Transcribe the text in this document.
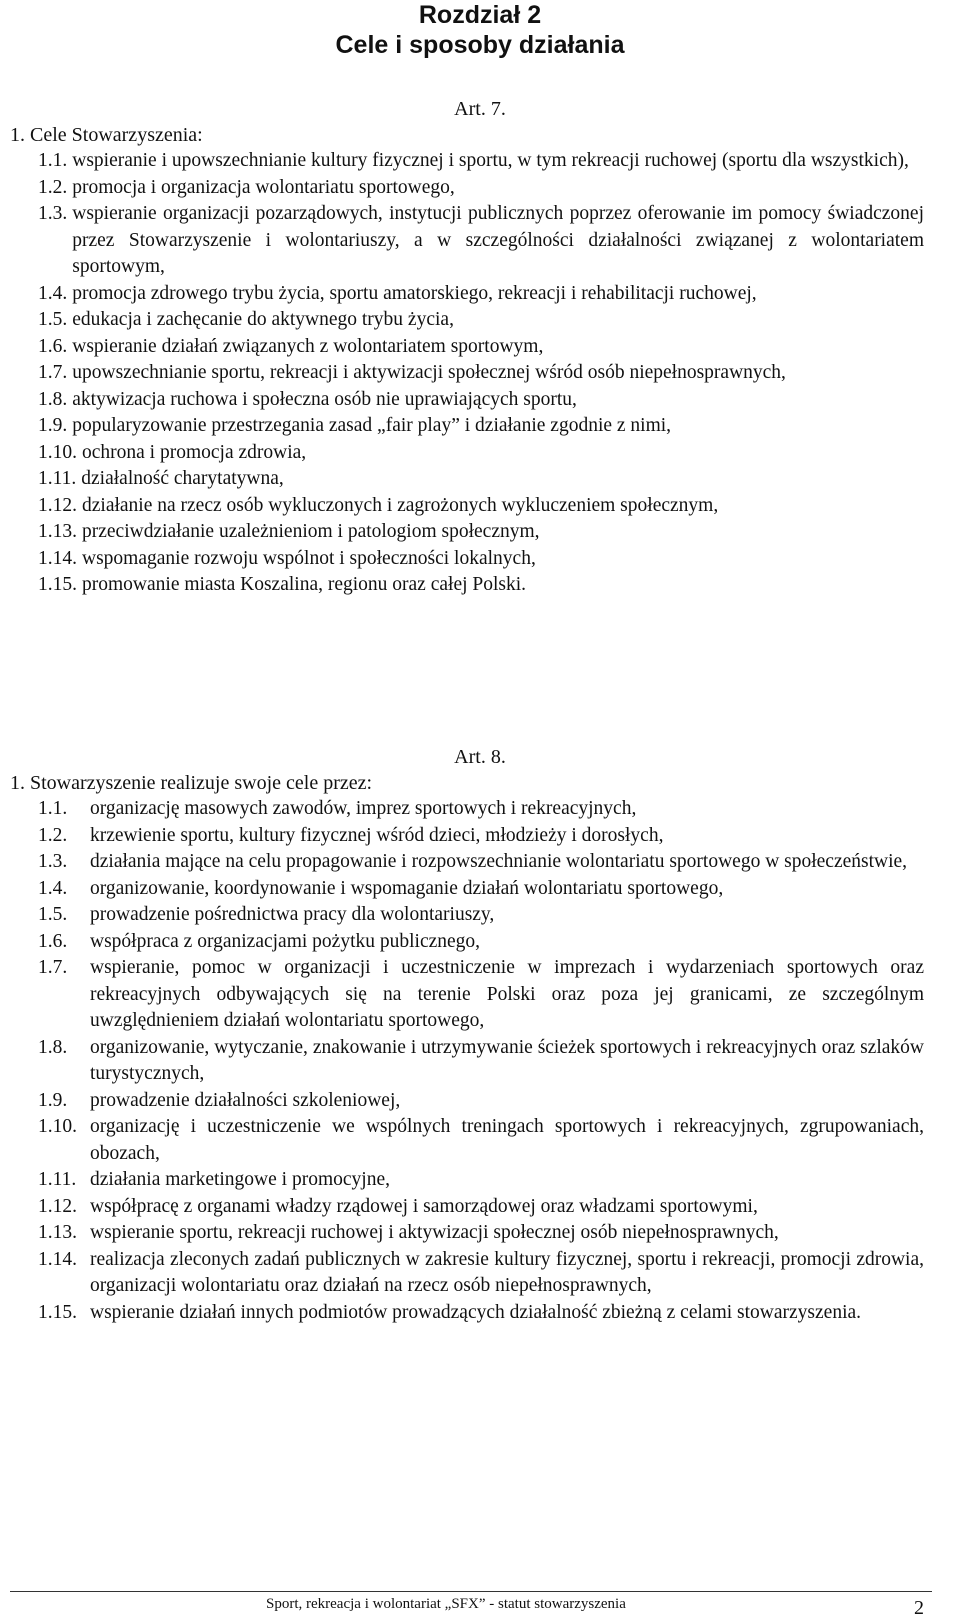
Rozdział 2
Cele i sposoby działania
Art. 7.
1. Cele Stowarzyszenia:
1.1. wspieranie i upowszechnianie kultury fizycznej i sportu, w tym rekreacji ruchowej (sportu dla wszystkich),
1.2. promocja i organizacja wolontariatu sportowego,
1.3. wspieranie organizacji pozarządowych, instytucji publicznych poprzez oferowanie im pomocy świadczonej przez Stowarzyszenie i wolontariuszy, a w szczególności działalności związanej z wolontariatem sportowym,
1.4. promocja zdrowego trybu życia, sportu amatorskiego, rekreacji i rehabilitacji ruchowej,
1.5. edukacja i zachęcanie do aktywnego trybu życia,
1.6. wspieranie działań związanych z wolontariatem sportowym,
1.7. upowszechnianie sportu, rekreacji i aktywizacji społecznej wśród osób niepełnosprawnych,
1.8. aktywizacja ruchowa i społeczna osób nie uprawiających sportu,
1.9. popularyzowanie przestrzegania zasad „fair play” i działanie zgodnie z nimi,
1.10. ochrona i promocja zdrowia,
1.11. działalność charytatywna,
1.12. działanie na rzecz osób wykluczonych i zagrożonych wykluczeniem społecznym,
1.13. przeciwdziałanie uzależnieniom i patologiom społecznym,
1.14. wspomaganie rozwoju wspólnot i społeczności lokalnych,
1.15. promowanie miasta Koszalina, regionu oraz całej Polski.
Art. 8.
1. Stowarzyszenie realizuje swoje cele przez:
1.1.	organizację masowych zawodów, imprez sportowych i rekreacyjnych,
1.2.	krzewienie sportu, kultury fizycznej wśród dzieci, młodzieży i dorosłych,
1.3.	działania mające na celu propagowanie i rozpowszechnianie wolontariatu sportowego w społeczeństwie,
1.4.	organizowanie, koordynowanie i wspomaganie działań wolontariatu sportowego,
1.5.	prowadzenie pośrednictwa pracy dla wolontariuszy,
1.6.	współpraca z organizacjami pożytku publicznego,
1.7.	wspieranie, pomoc w organizacji i uczestniczenie w imprezach i wydarzeniach sportowych oraz rekreacyjnych odbywających się na terenie Polski oraz poza jej granicami, ze szczególnym uwzględnieniem działań wolontariatu sportowego,
1.8.	organizowanie, wytyczanie, znakowanie i utrzymywanie ścieżek sportowych i rekreacyjnych oraz szlaków turystycznych,
1.9.	prowadzenie działalności szkoleniowej,
1.10. organizację i uczestniczenie we wspólnych treningach sportowych i rekreacyjnych, zgrupowaniach, obozach,
1.11. działania marketingowe i promocyjne,
1.12. współpracę z organami władzy rządowej i samorządowej oraz władzami sportowymi,
1.13. wspieranie sportu, rekreacji ruchowej i aktywizacji społecznej osób niepełnosprawnych,
1.14. realizacja zleconych zadań publicznych w zakresie kultury fizycznej, sportu i rekreacji, promocji zdrowia, organizacji wolontariatu oraz działań na rzecz osób niepełnosprawnych,
1.15. wspieranie działań innych podmiotów prowadzących działalność zbieżną z celami stowarzyszenia.
Sport, rekreacja i wolontariat „SFX” - statut stowarzyszenia	2
